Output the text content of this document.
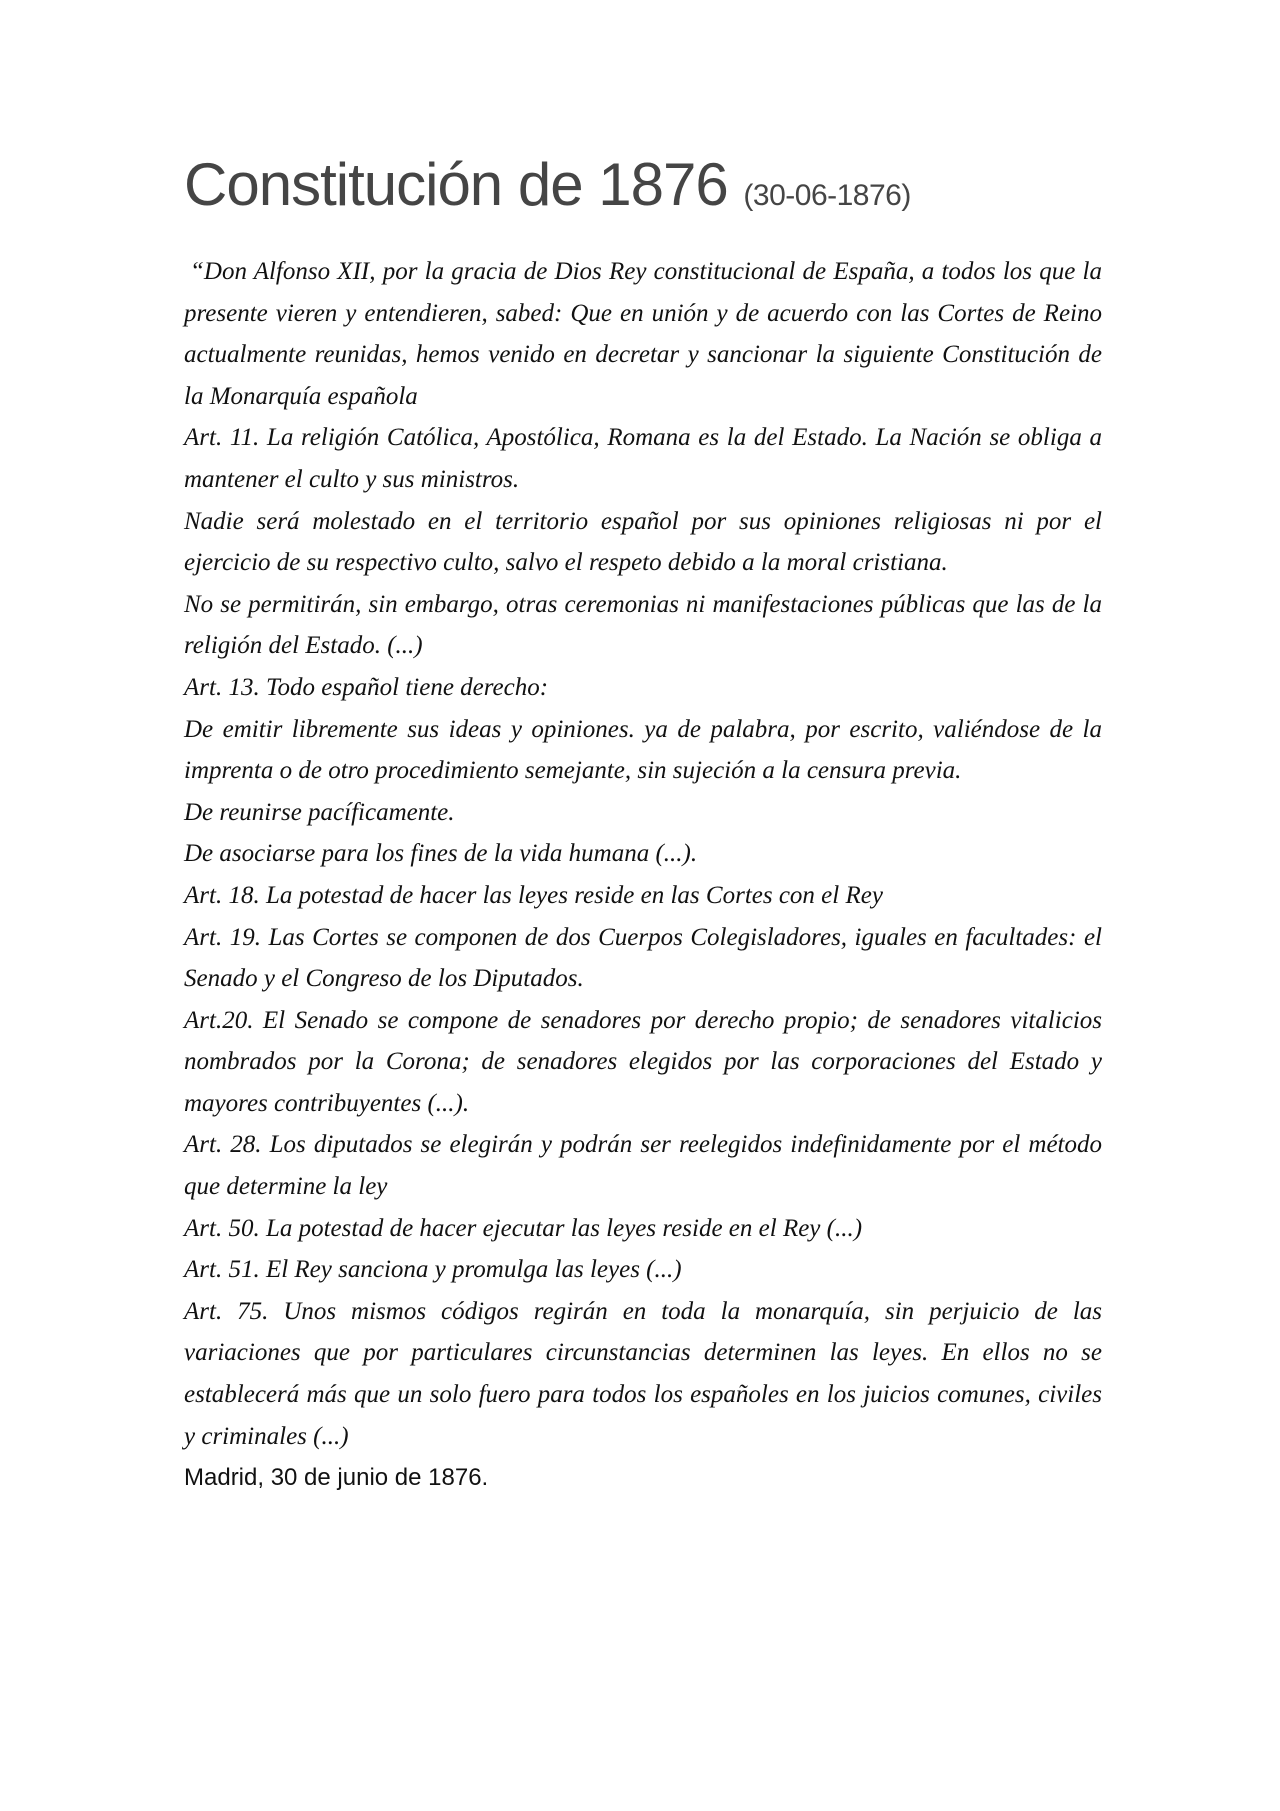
Constitución de 1876 (30-06-1876)

“Don Alfonso XII, por la gracia de Dios Rey constitucional de España, a todos los que la presente vieren y entendieren, sabed: Que en unión y de acuerdo con las Cortes de Reino actualmente reunidas, hemos venido en decretar y sancionar la siguiente Constitución de la Monarquía española

Art. 11. La religión Católica, Apostólica, Romana es la del Estado. La Nación se obliga a mantener el culto y sus ministros.

Nadie será molestado en el territorio español por sus opiniones religiosas ni por el ejercicio de su respectivo culto, salvo el respeto debido a la moral cristiana.

No se permitirán, sin embargo, otras ceremonias ni manifestaciones públicas que las de la religión del Estado. (...)

Art. 13. Todo español tiene derecho:

De emitir libremente sus ideas y opiniones. ya de palabra, por escrito, valiéndose de la imprenta o de otro procedimiento semejante, sin sujeción a la censura previa.

De reunirse pacíficamente.

De asociarse para los fines de la vida humana (...).

Art. 18. La potestad de hacer las leyes reside en las Cortes con el Rey

Art. 19. Las Cortes se componen de dos Cuerpos Colegisladores, iguales en facultades: el Senado y el Congreso de los Diputados.

Art.20. El Senado se compone de senadores por derecho propio; de senadores vitalicios nombrados por la Corona; de senadores elegidos por las corporaciones del Estado y mayores contribuyentes (...).

Art. 28. Los diputados se elegirán y podrán ser reelegidos indefinidamente por el método que determine la ley

Art. 50. La potestad de hacer ejecutar las leyes reside en el Rey (...)

Art. 51. El Rey sanciona y promulga las leyes (...)

Art. 75. Unos mismos códigos regirán en toda la monarquía, sin perjuicio de las variaciones que por particulares circunstancias determinen las leyes. En ellos no se establecerá más que un solo fuero para todos los españoles en los juicios comunes, civiles y criminales (...)

Madrid, 30 de junio de 1876.
